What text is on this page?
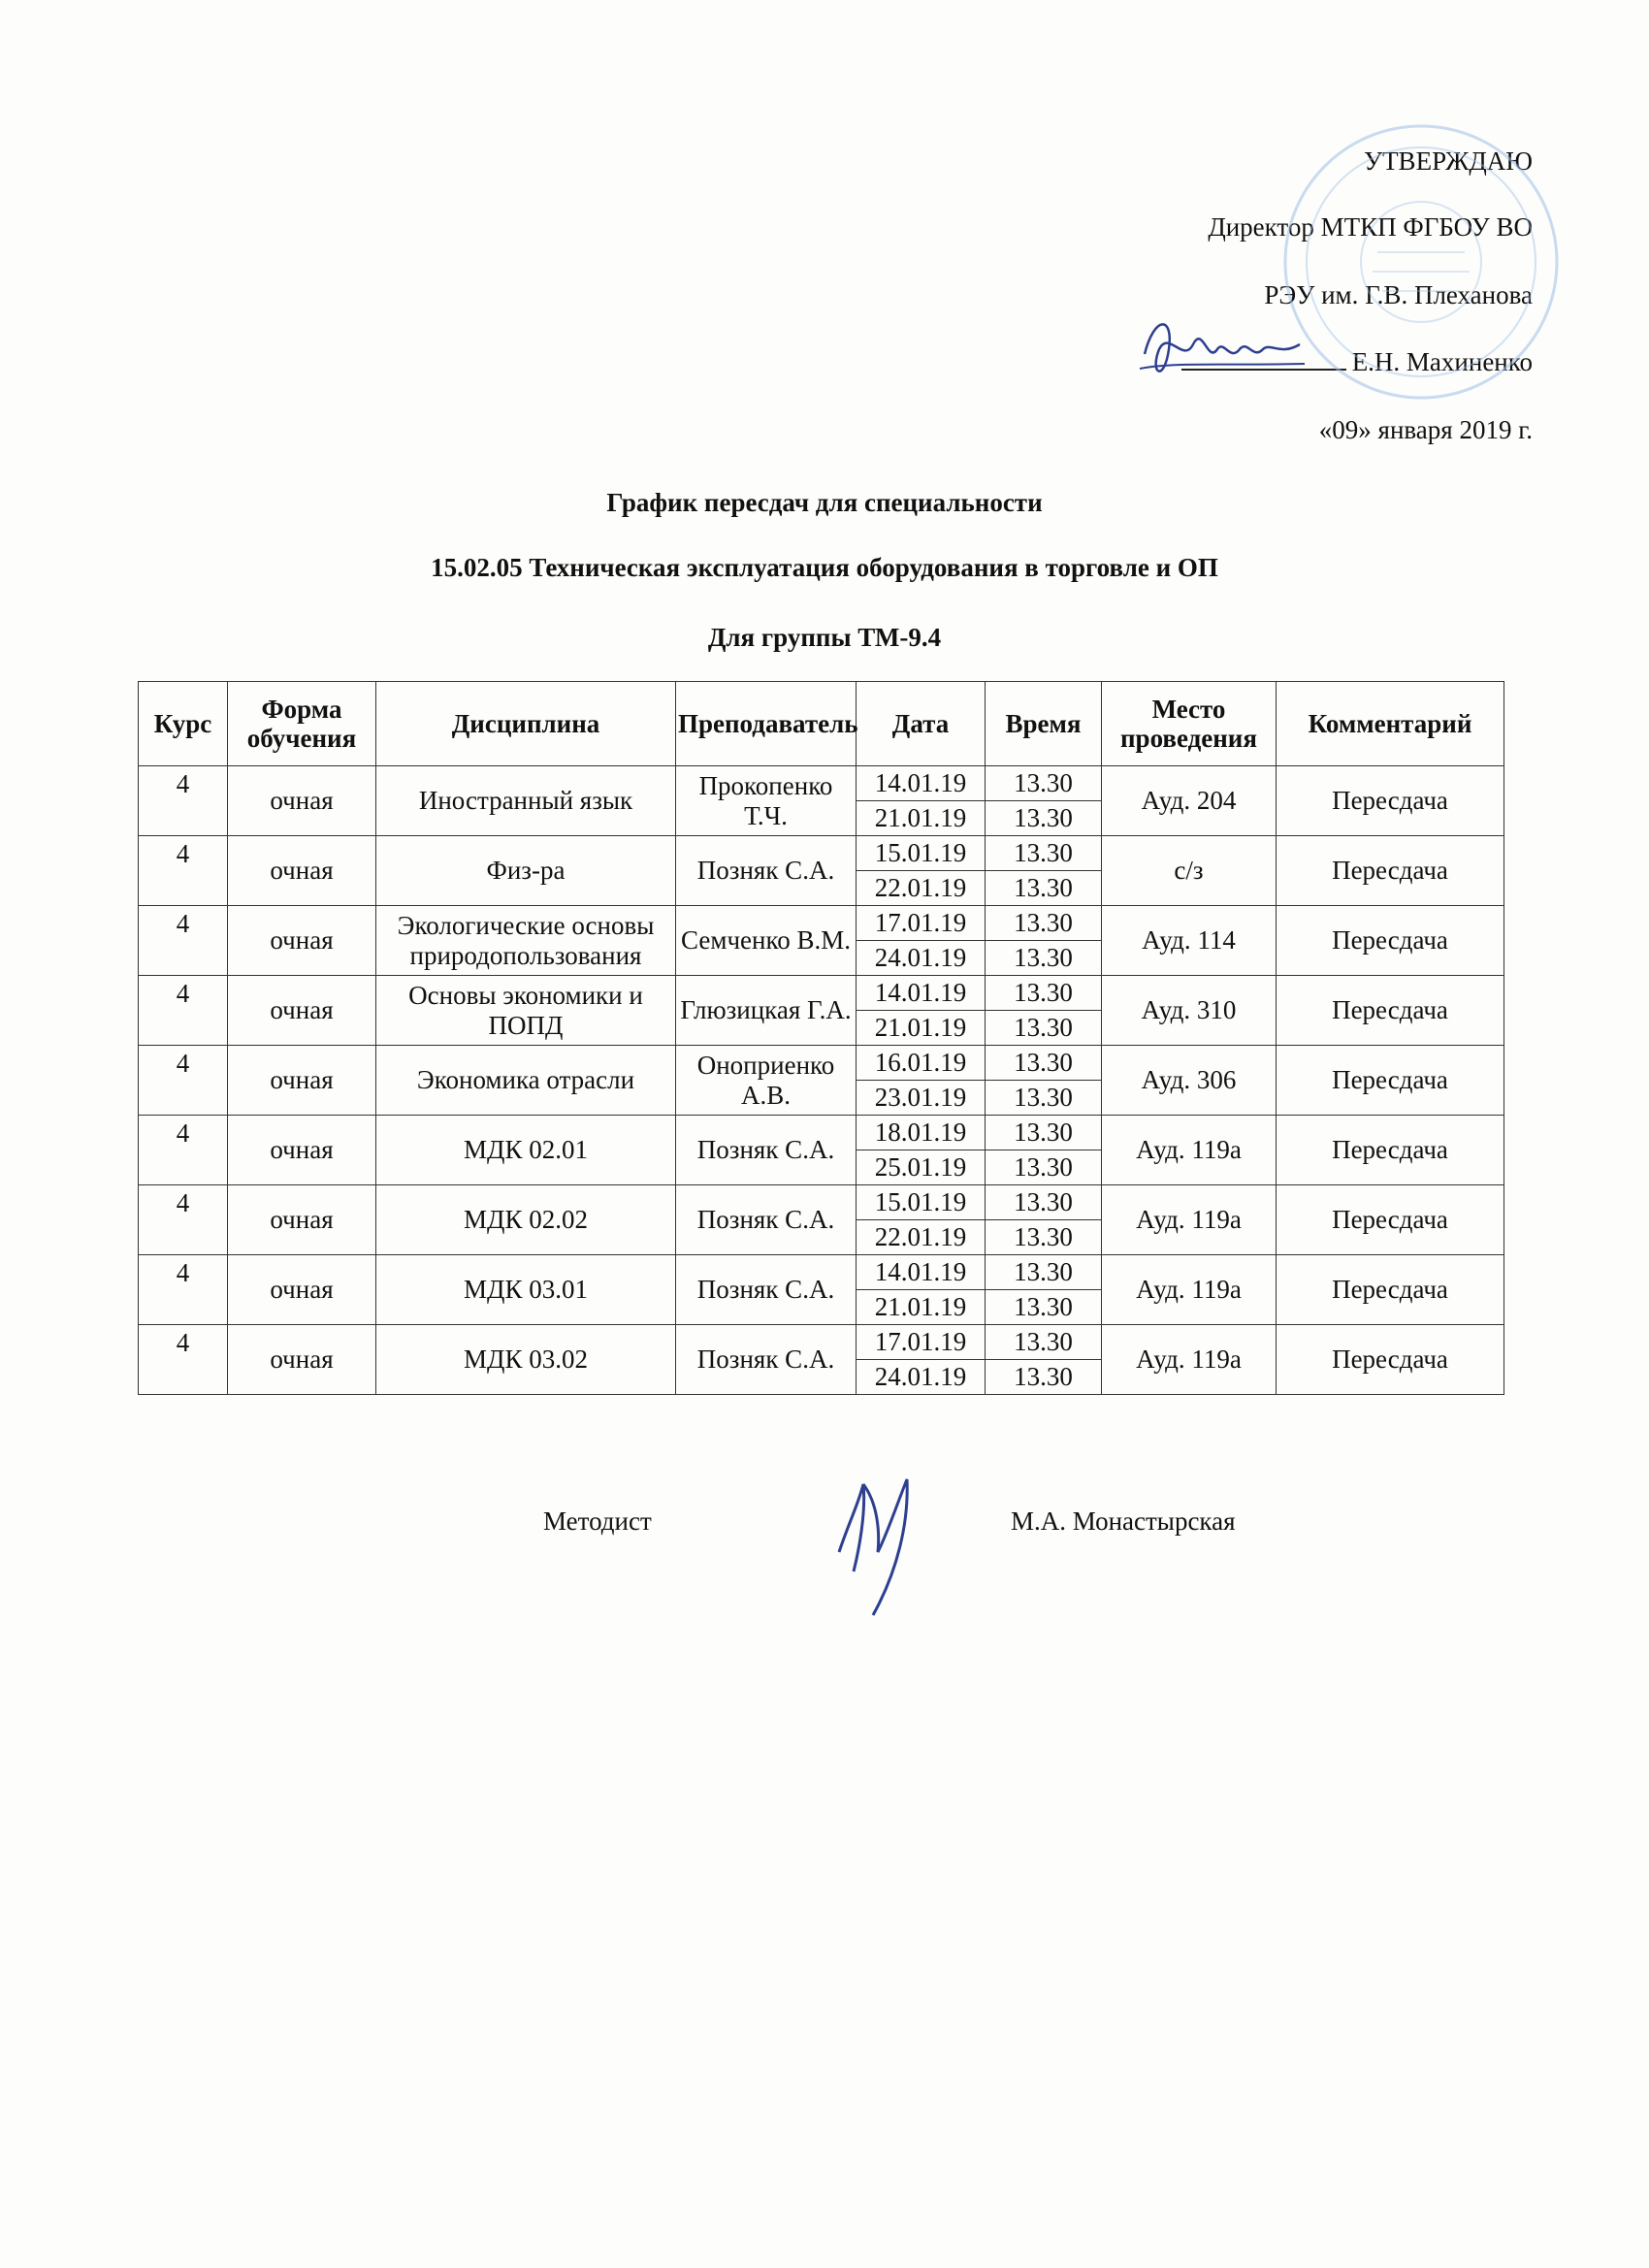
УТВЕРЖДАЮ
Директор МТКП ФГБОУ ВО
РЭУ им. Г.В. Плеханова
Е.Н. Махиненко
«09» января 2019 г.
График пересдач для специальности
15.02.05 Техническая эксплуатация оборудования в торговле и ОП
Для группы ТМ-9.4
Курс	Форма обучения	Дисциплина	Преподаватель	Дата	Время	Место проведения	Комментарий
4	очная	Иностранный язык	Прокопенко Т.Ч.	14.01.19	13.30	Ауд. 204	Пересдача
				21.01.19	13.30		
4	очная	Физ-ра	Позняк С.А.	15.01.19	13.30	с/з	Пересдача
				22.01.19	13.30		
4	очная	Экологические основы природопользования	Семченко В.М.	17.01.19	13.30	Ауд. 114	Пересдача
				24.01.19	13.30		
4	очная	Основы экономики и ПОПД	Глюзицкая Г.А.	14.01.19	13.30	Ауд. 310	Пересдача
				21.01.19	13.30		
4	очная	Экономика отрасли	Оноприенко А.В.	16.01.19	13.30	Ауд. 306	Пересдача
				23.01.19	13.30		
4	очная	МДК 02.01	Позняк С.А.	18.01.19	13.30	Ауд. 119а	Пересдача
				25.01.19	13.30		
4	очная	МДК 02.02	Позняк С.А.	15.01.19	13.30	Ауд. 119а	Пересдача
				22.01.19	13.30		
4	очная	МДК 03.01	Позняк С.А.	14.01.19	13.30	Ауд. 119а	Пересдача
				21.01.19	13.30		
4	очная	МДК 03.02	Позняк С.А.	17.01.19	13.30	Ауд. 119а	Пересдача
				24.01.19	13.30		
Методист	М.А. Монастырская
